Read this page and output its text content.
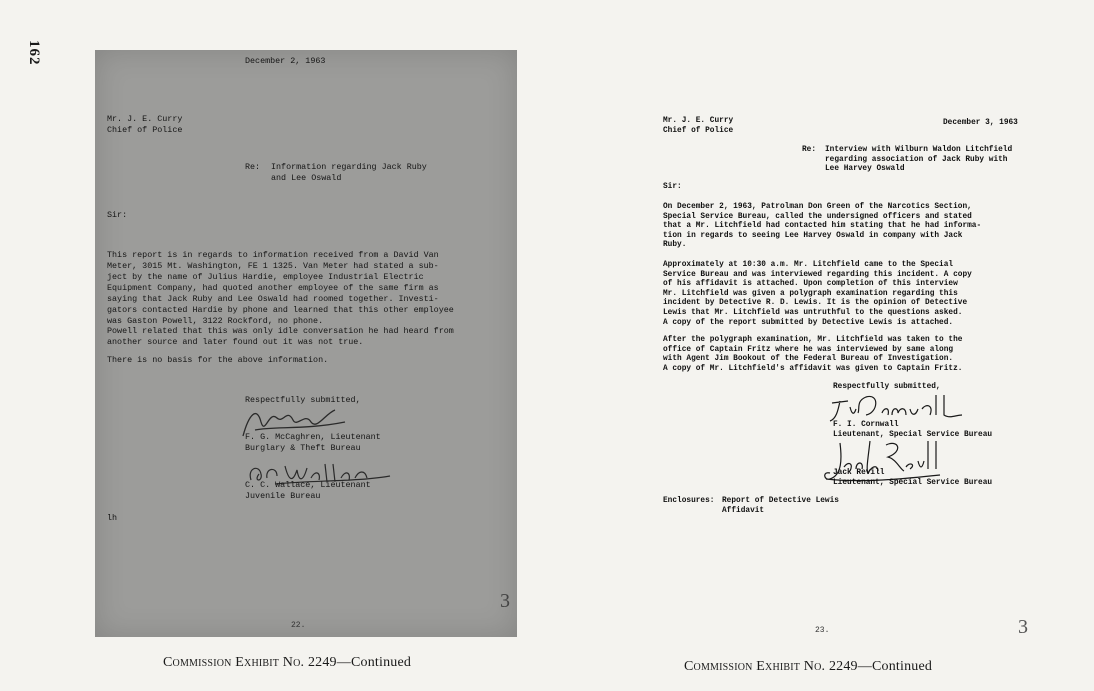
162	December 2, 1963
Mr. J. E. Curry
Chief of Police
Re: Information regarding Jack Ruby
and Lee Oswald
Sir:
This report is in regards to information received from a David Van
Meter, 3015 Mt. Washington, FE 1 1325. Van Meter had stated a sub-
ject by the name of Julius Hardie, employee Industrial Electric
Equipment Company, had quoted another employee of the same firm as
saying that Jack Ruby and Lee Oswald had roomed together. Investi-
gators contacted Hardie by phone and learned that this other employee
was Gaston Powell, 3122 Rockford, no phone.
Powell related that this was only idle conversation he had heard from
another source and later found out it was not true.
There is no basis for the above information.
Respectfully submitted,
F. G. McCaghren, Lieutenant
Burglary & Theft Bureau
C. C. Wallace, Lieutenant
Juvenile Bureau
lh
3
22.
Mr. J. E. Curry
Chief of Police
December 3, 1963
Re: Interview with Wilburn Waldon Litchfield
regarding association of Jack Ruby with
Lee Harvey Oswald
Sir:
On December 2, 1963, Patrolman Don Green of the Narcotics Section,
Special Service Bureau, called the undersigned officers and stated
that a Mr. Litchfield had contacted him stating that he had informa-
tion in regards to seeing Lee Harvey Oswald in company with Jack
Ruby.
Approximately at 10:30 a.m. Mr. Litchfield came to the Special
Service Bureau and was interviewed regarding this incident. A copy
of his affidavit is attached. Upon completion of this interview
Mr. Litchfield was given a polygraph examination regarding this
incident by Detective R. D. Lewis. It is the opinion of Detective
Lewis that Mr. Litchfield was untruthful to the questions asked.
A copy of the report submitted by Detective Lewis is attached.
After the polygraph examination, Mr. Litchfield was taken to the
office of Captain Fritz where he was interviewed by same along
with Agent Jim Bookout of the Federal Bureau of Investigation.
A copy of Mr. Litchfield's affidavit was given to Captain Fritz.
Respectfully submitted,
F. I. Cornwall
Lieutenant, Special Service Bureau
Jack Revill
Lieutenant, Special Service Bureau
Enclosures: Report of Detective Lewis
Affidavit
23.	3
Commission Exhibit No. 2249—Continued	Commission Exhibit No. 2249—Continued
